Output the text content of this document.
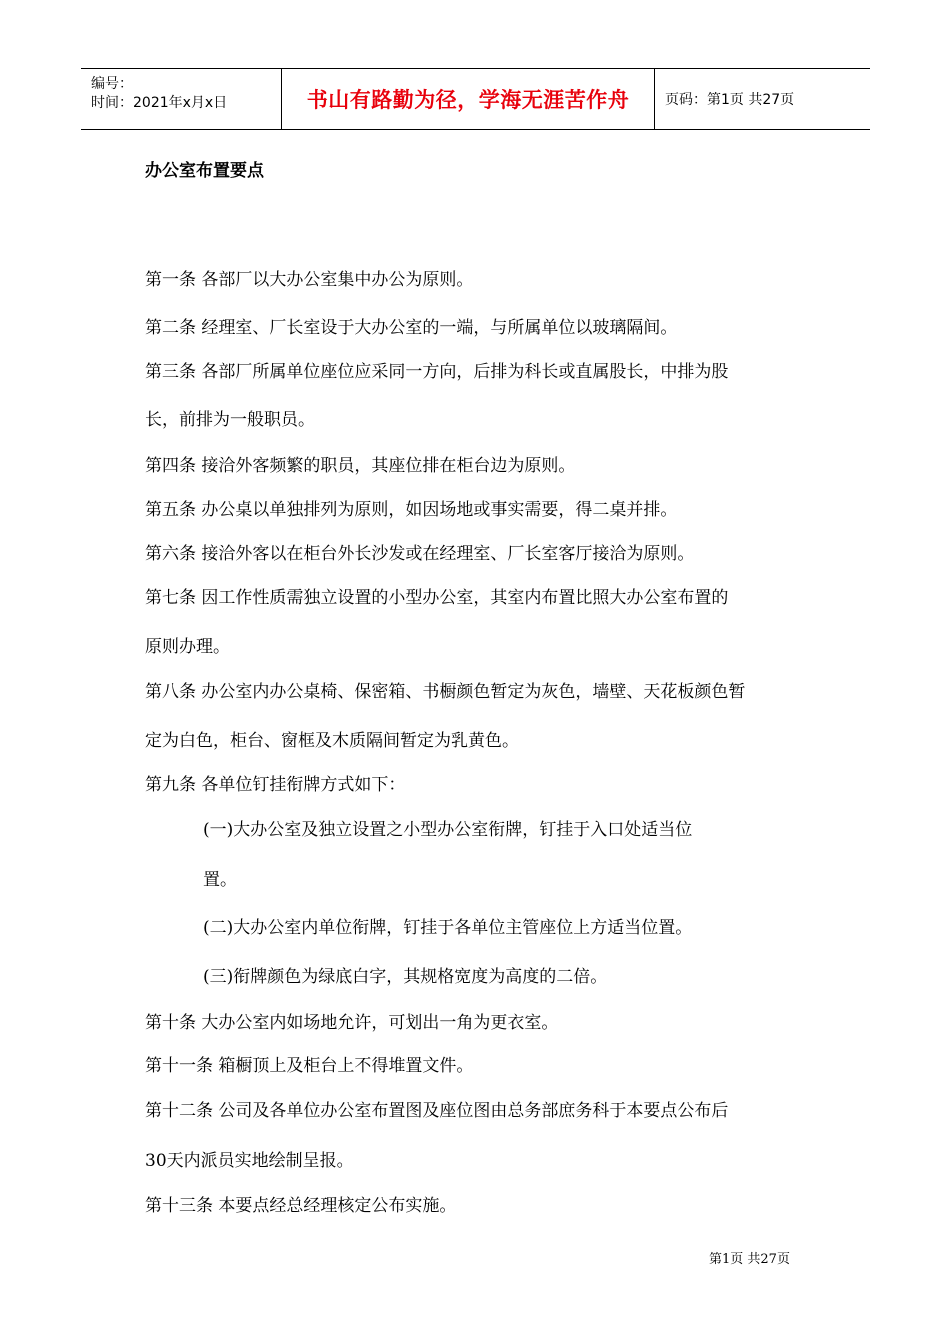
编号：
时间：2021年x月x日	书山有路勤为径，学海无涯苦作舟	页码：第1页 共27页
办公室布置要点
第一条 各部厂以大办公室集中办公为原则。
第二条 经理室、厂长室设于大办公室的一端，与所属单位以玻璃隔间。
第三条 各部厂所属单位座位应采同一方向，后排为科长或直属股长，中排为股
长，前排为一般职员。
第四条 接洽外客频繁的职员，其座位排在柜台边为原则。
第五条 办公桌以单独排列为原则，如因场地或事实需要，得二桌并排。
第六条 接洽外客以在柜台外长沙发或在经理室、厂长室客厅接洽为原则。
第七条 因工作性质需独立设置的小型办公室，其室内布置比照大办公室布置的
原则办理。
第八条 办公室内办公桌椅、保密箱、书橱颜色暂定为灰色，墙壁、天花板颜色暂
定为白色，柜台、窗框及木质隔间暂定为乳黄色。
第九条 各单位钉挂衔牌方式如下：
(一)大办公室及独立设置之小型办公室衔牌，钉挂于入口处适当位
置。
(二)大办公室内单位衔牌，钉挂于各单位主管座位上方适当位置。
(三)衔牌颜色为绿底白字，其规格宽度为高度的二倍。
第十条 大办公室内如场地允许，可划出一角为更衣室。
第十一条 箱橱顶上及柜台上不得堆置文件。
第十二条 公司及各单位办公室布置图及座位图由总务部庶务科于本要点公布后
30天内派员实地绘制呈报。
第十三条 本要点经总经理核定公布实施。
第1页 共27页
